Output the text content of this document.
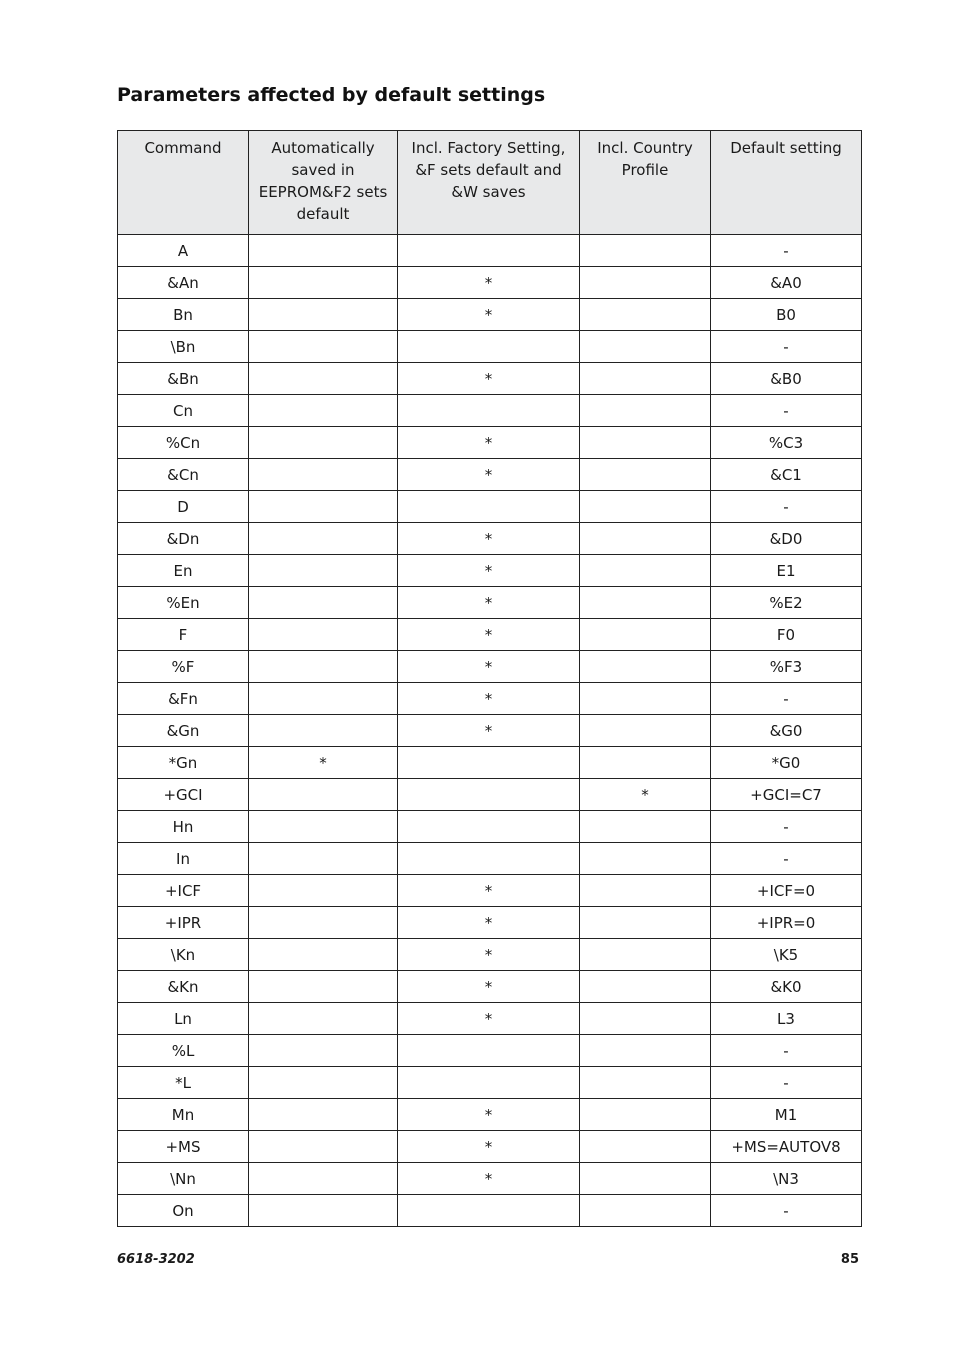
Parameters affected by default settings
Command	Automatically saved in EEPROM&F2 sets default	Incl. Factory Setting, &F sets default and &W saves	Incl. Country Profile	Default setting
A				-
&An		*		&A0
Bn		*		B0
\Bn				-
&Bn		*		&B0
Cn				-
%Cn		*		%C3
&Cn		*		&C1
D				-
&Dn		*		&D0
En		*		E1
%En		*		%E2
F		*		F0
%F		*		%F3
&Fn		*		-
&Gn		*		&G0
*Gn	*			*G0
+GCI			*	+GCI=C7
Hn				-
In				-
+ICF		*		+ICF=0
+IPR		*		+IPR=0
\Kn		*		\K5
&Kn		*		&K0
Ln		*		L3
%L				-
*L				-
Mn		*		M1
+MS		*		+MS=AUTOV8
\Nn		*		\N3
On				-
6618-3202	85
